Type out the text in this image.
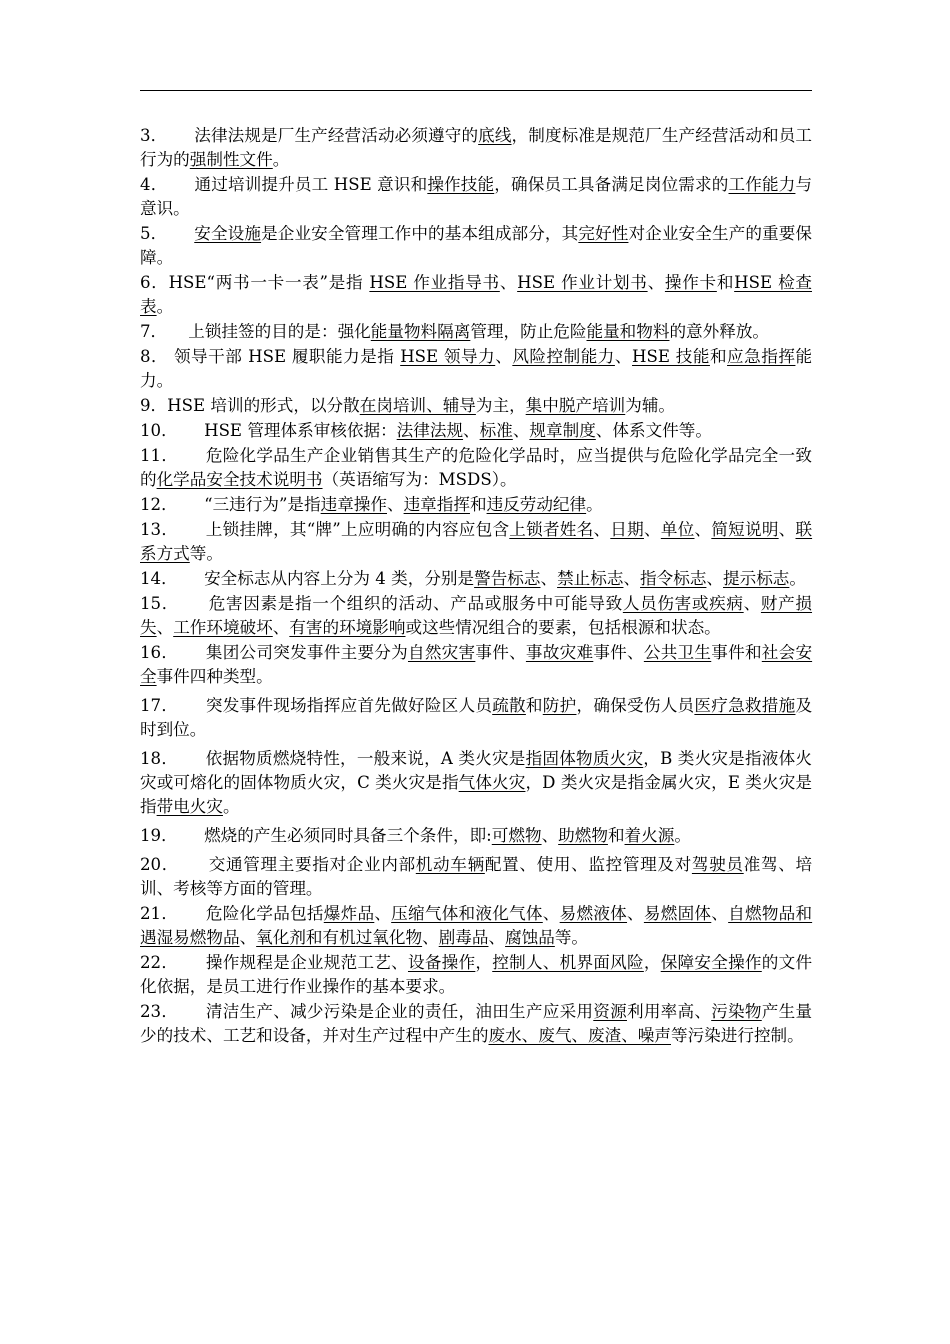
3．     法律法规是厂生产经营活动必须遵守的底线，制度标准是规范厂生产经营活动和员工行为的强制性文件。

4．     通过培训提升员工 HSE 意识和操作技能，确保员工具备满足岗位需求的工作能力与意识。

5．     安全设施是企业安全管理工作中的基本组成部分，其完好性对企业安全生产的重要保障。

6．HSE“两书一卡一表”是指 HSE 作业指导书、HSE 作业计划书、操作卡和HSE 检查表。

7．    上锁挂签的目的是：强化能量物料隔离管理，防止危险能量和物料的意外释放。

8． 领导干部 HSE 履职能力是指 HSE 领导力、风险控制能力、HSE 技能和应急指挥能力。

9．HSE 培训的形式，以分散在岗培训、辅导为主，集中脱产培训为辅。

10．     HSE 管理体系审核依据：法律法规、标准、规章制度、体系文件等。

11．     危险化学品生产企业销售其生产的危险化学品时，应当提供与危险化学品完全一致的化学品安全技术说明书（英语缩写为：MSDS）。

12．     “三违行为”是指违章操作、违章指挥和违反劳动纪律。

13．     上锁挂牌，其“牌”上应明确的内容应包含上锁者姓名、日期、单位、简短说明、联系方式等。

14．     安全标志从内容上分为 4 类，分别是警告标志、禁止标志、指令标志、提示标志。

15．     危害因素是指一个组织的活动、产品或服务中可能导致人员伤害或疾病、财产损失、工作环境破坏、有害的环境影响或这些情况组合的要素，包括根源和状态。

16．     集团公司突发事件主要分为自然灾害事件、事故灾难事件、公共卫生事件和社会安全事件四种类型。

17．     突发事件现场指挥应首先做好险区人员疏散和防护，确保受伤人员医疗急救措施及时到位。

18．     依据物质燃烧特性，一般来说，A 类火灾是指固体物质火灾，B 类火灾是指液体火灾或可熔化的固体物质火灾，C 类火灾是指气体火灾，D 类火灾是指金属火灾，E 类火灾是指带电火灾。

19．     燃烧的产生必须同时具备三个条件，即:可燃物、助燃物和着火源。

20．     交通管理主要指对企业内部机动车辆配置、使用、监控管理及对驾驶员准驾、培训、考核等方面的管理。

21．     危险化学品包括爆炸品、压缩气体和液化气体、易燃液体、易燃固体、自燃物品和遇湿易燃物品、氧化剂和有机过氧化物、剧毒品、腐蚀品等。

22．     操作规程是企业规范工艺、设备操作，控制人、机界面风险，保障安全操作的文件化依据，是员工进行作业操作的基本要求。

23．     清洁生产、减少污染是企业的责任，油田生产应采用资源利用率高、污染物产生量少的技术、工艺和设备，并对生产过程中产生的废水、废气、废渣、噪声等污染进行控制。
